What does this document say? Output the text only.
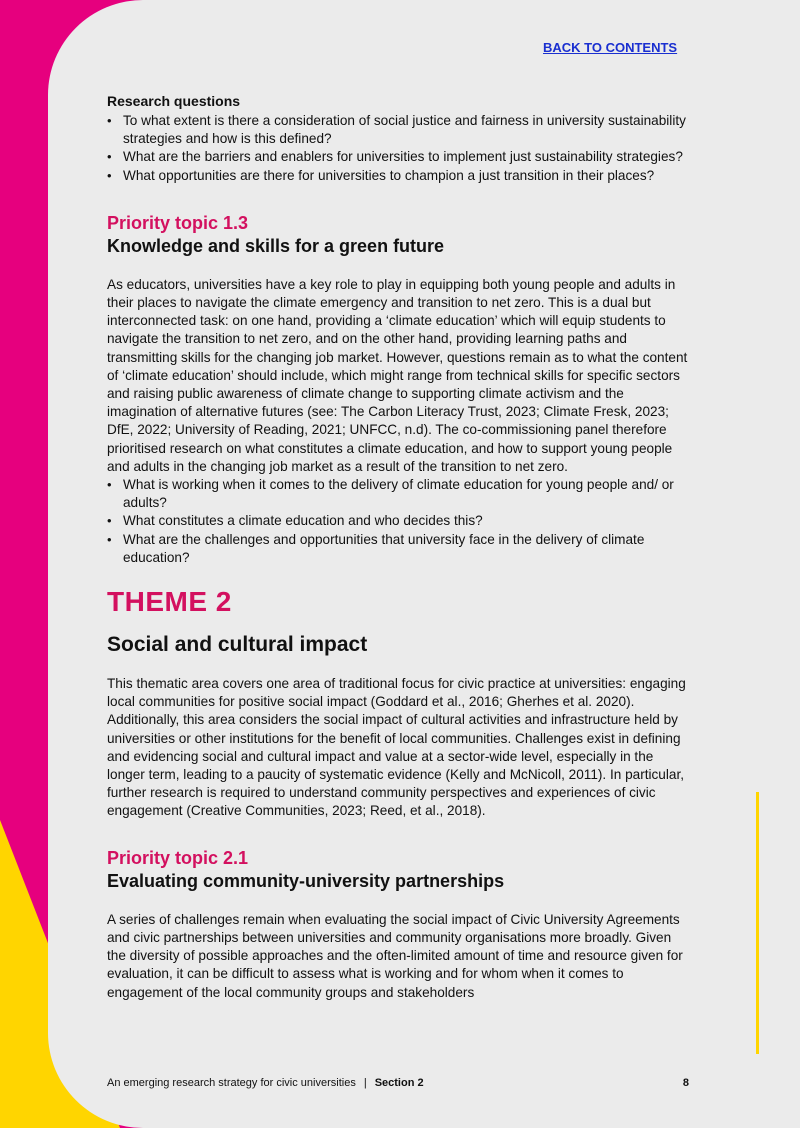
BACK TO CONTENTS

Research questions

• To what extent is there a consideration of social justice and fairness in university sustainability strategies and how is this defined?
• What are the barriers and enablers for universities to implement just sustainability strategies?
• What opportunities are there for universities to champion a just transition in their places?

Priority topic 1.3

Knowledge and skills for a green future

As educators, universities have a key role to play in equipping both young people and adults in their places to navigate the climate emergency and transition to net zero. This is a dual but interconnected task: on one hand, providing a ‘climate education’ which will equip students to navigate the transition to net zero, and on the other hand, providing learning paths and transmitting skills for the changing job market. However, questions remain as to what the content of ‘climate education’ should include, which might range from technical skills for specific sectors and raising public awareness of climate change to supporting climate activism and the imagination of alternative futures (see: The Carbon Literacy Trust, 2023; Climate Fresk, 2023; DfE, 2022; University of Reading, 2021; UNFCC, n.d). The co-commissioning panel therefore prioritised research on what constitutes a climate education, and how to support young people and adults in the changing job market as a result of the transition to net zero.

• What is working when it comes to the delivery of climate education for young people and/ or adults?
• What constitutes a climate education and who decides this?
• What are the challenges and opportunities that university face in the delivery of climate education?

THEME 2

Social and cultural impact

This thematic area covers one area of traditional focus for civic practice at universities: engaging local communities for positive social impact (Goddard et al., 2016; Gherhes et al. 2020). Additionally, this area considers the social impact of cultural activities and infrastructure held by universities or other institutions for the benefit of local communities. Challenges exist in defining and evidencing social and cultural impact and value at a sector-wide level, especially in the longer term, leading to a paucity of systematic evidence (Kelly and McNicoll, 2011). In particular, further research is required to understand community perspectives and experiences of civic engagement (Creative Communities, 2023; Reed, et al., 2018).

Priority topic 2.1

Evaluating community-university partnerships

A series of challenges remain when evaluating the social impact of Civic University Agreements and civic partnerships between universities and community organisations more broadly. Given the diversity of possible approaches and the often-limited amount of time and resource given for evaluation, it can be difficult to assess what is working and for whom when it comes to engagement of the local community groups and stakeholders

An emerging research strategy for civic universities | Section 2	8
